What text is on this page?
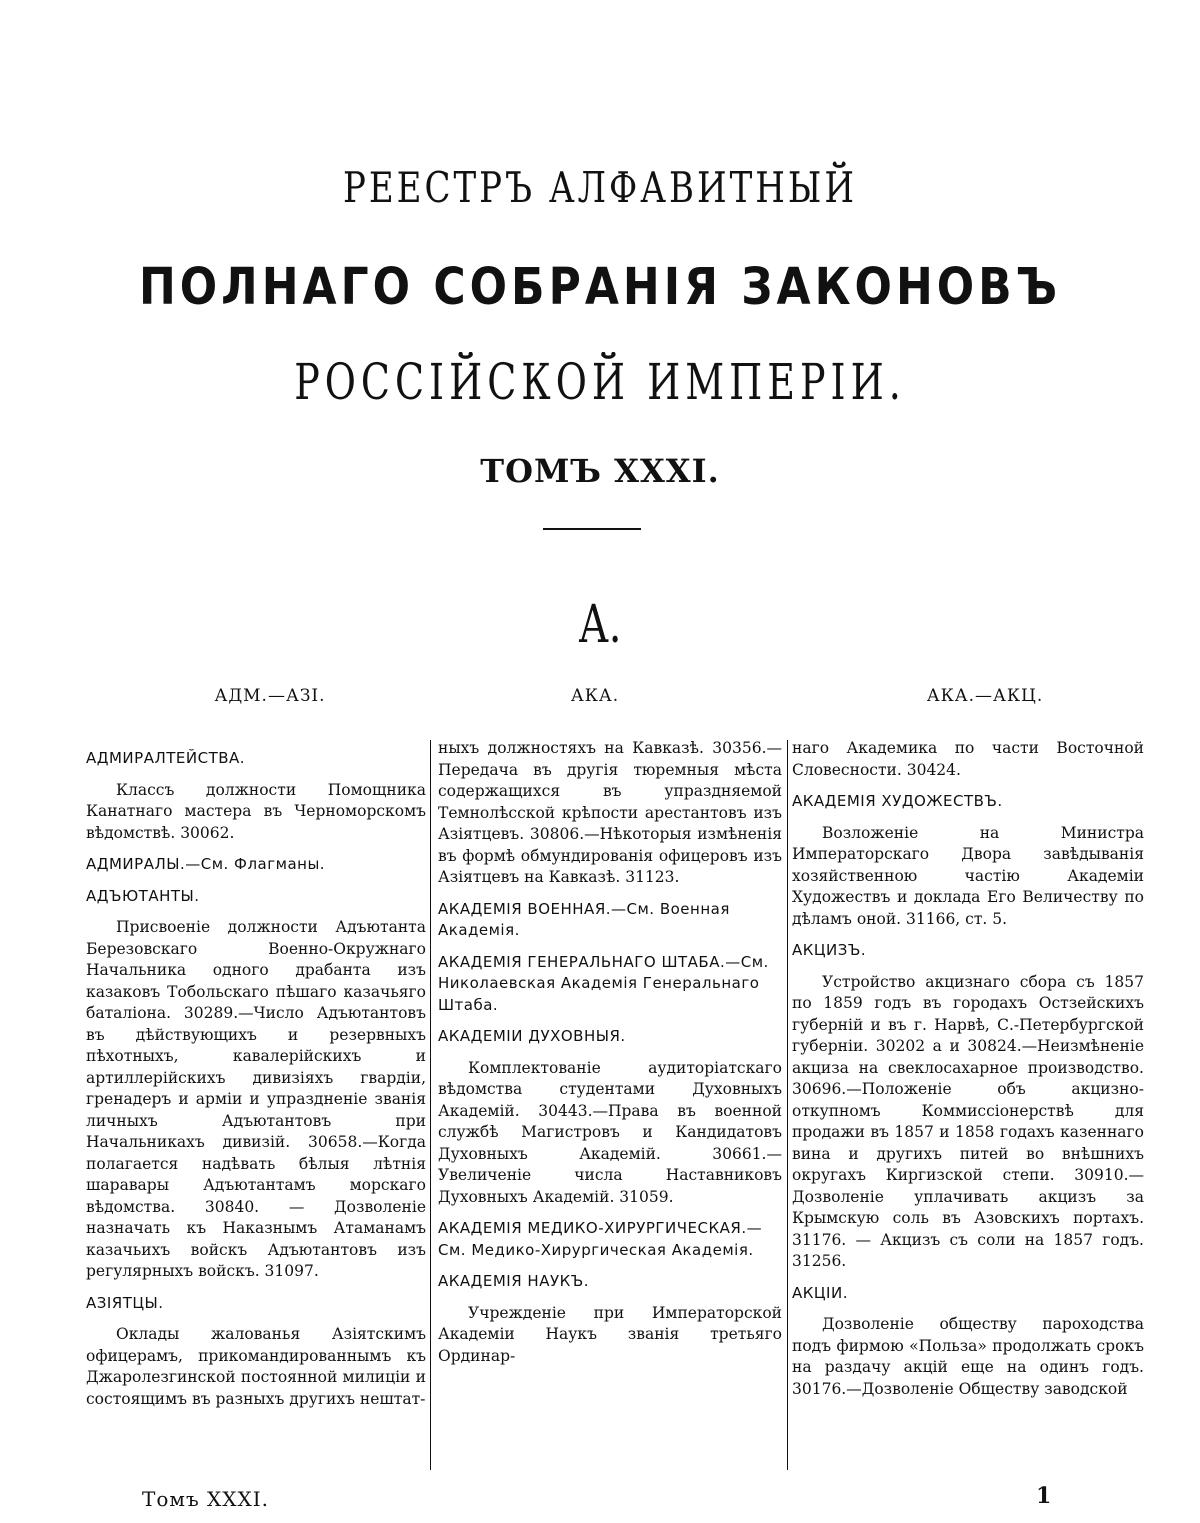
РЕЕСТРЪ АЛФАВИТНЫЙ
ПОЛНАГО СОБРАНІЯ ЗАКОНОВЪ
РОССІЙСКОЙ ИМПЕРІИ.
ТОМЪ XXXI.
А.
АДМ.—АЗІ.	АКА.	АКА.—АКЦ.
АДМИРАЛТЕЙСТВА.

Классъ должности Помощника Канатнаго мастера въ Черноморскомъ вѣдомствѣ. 30062.

АДМИРАЛЫ.—См. Флагманы.
АДЪЮТАНТЫ.

Присвоеніе должности Адъютанта Березовскаго Военно-Окружнаго Начальника одного драбанта изъ казаковъ Тобольскаго пѣшаго казачьяго баталіона. 30289.—Число Адъютантовъ въ дѣйствующихъ и резервныхъ пѣхотныхъ, кавалерійскихъ и артиллерійскихъ дивизіяхъ гвардіи, гренадеръ и арміи и упраздненіе званія личныхъ Адъютантовъ при Начальникахъ дивизій. 30658.—Когда полагается надѣвать бѣлыя лѣтнія шаравары Адъютантамъ морскаго вѣдомства. 30840. — Дозволеніе назначать къ Наказнымъ Атаманамъ казачьихъ войскъ Адъютантовъ изъ регулярныхъ войскъ. 31097.

АЗІЯТЦЫ.

Оклады жалованья Азіятскимъ офицерамъ, прикомандированнымъ къ Джаролезгинской постоянной милиціи и состоящимъ въ разныхъ другихъ нештат-

ныхъ должностяхъ на Кавказѣ. 30356.—Передача въ другія тюремныя мѣста содержащихся въ упраздняемой Темнолѣсской крѣпости арестантовъ изъ Азіятцевъ. 30806.—Нѣкоторыя измѣненія въ формѣ обмундированія офицеровъ изъ Азіятцевъ на Кавказѣ. 31123.

АКАДЕМІЯ ВОЕННАЯ.—См. Военная Академія.
АКАДЕМІЯ ГЕНЕРАЛЬНАГО ШТАБА.—См. Николаевская Академія Генеральнаго Штаба.
АКАДЕМІИ ДУХОВНЫЯ.

Комплектованіе аудиторіатскаго вѣдомства студентами Духовныхъ Академій. 30443.—Права въ военной службѣ Магистровъ и Кандидатовъ Духовныхъ Академій. 30661.—Увеличеніе числа Наставниковъ Духовныхъ Академій. 31059.

АКАДЕМІЯ МЕДИКО-ХИРУРГИЧЕСКАЯ.—См. Медико-Хирургическая Академія.
АКАДЕМІЯ НАУКЪ.

Учрежденіе при Императорской Академіи Наукъ званія третьяго Ординар-

наго Академика по части Восточной Словесности. 30424.

АКАДЕМІЯ ХУДОЖЕСТВЪ.

Возложеніе на Министра Императорскаго Двора завѣдыванія хозяйственною частію Академіи Художествъ и доклада Его Величеству по дѣламъ оной. 31166, ст. 5.

АКЦИЗЪ.

Устройство акцизнаго сбора съ 1857 по 1859 годъ въ городахъ Остзейскихъ губерній и въ г. Нарвѣ, С.-Петербургской губерніи. 30202 а и 30824.—Неизмѣненіе акциза на свеклосахарное производство. 30696.—Положеніе объ акцизно-откупномъ Коммиссіонерствѣ для продажи въ 1857 и 1858 годахъ казеннаго вина и другихъ питей во внѣшнихъ округахъ Киргизской степи. 30910.—Дозволеніе уплачивать акцизъ за Крымскую соль въ Азовскихъ портахъ. 31176. — Акцизъ съ соли на 1857 годъ. 31256.

АКЦІИ.

Дозволеніе обществу пароходства подъ фирмою «Польза» продолжать срокъ на раздачу акцій еще на одинъ годъ. 30176.—Дозволеніе Обществу заводской

Томъ XXXI.	1
